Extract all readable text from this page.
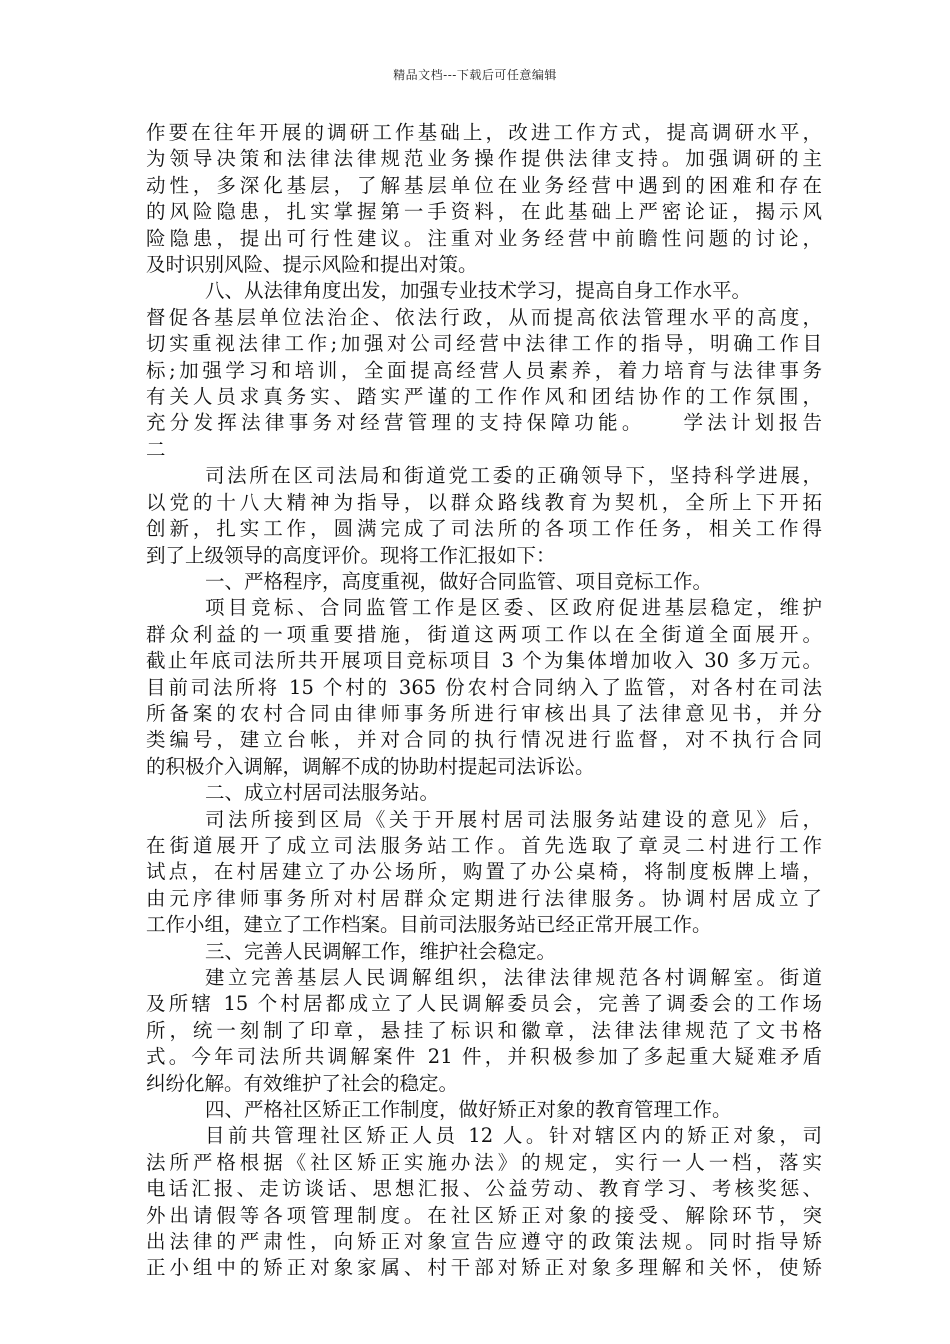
精品文档---下载后可任意编辑

作要在往年开展的调研工作基础上，改进工作方式，提高调研水平，

为领导决策和法律法律规范业务操作提供法律支持。加强调研的主

动性，多深化基层，了解基层单位在业务经营中遇到的困难和存在

的风险隐患，扎实掌握第一手资料，在此基础上严密论证，揭示风

险隐患，提出可行性建议。注重对业务经营中前瞻性问题的讨论，

及时识别风险、提示风险和提出对策。

八、从法律角度出发，加强专业技术学习，提高自身工作水平。

督促各基层单位法治企、依法行政，从而提高依法管理水平的高度，

切实重视法律工作;加强对公司经营中法律工作的指导，明确工作目

标;加强学习和培训，全面提高经营人员素养，着力培育与法律事务

有关人员求真务实、踏实严谨的工作作风和团结协作的工作氛围，

充分发挥法律事务对经营管理的支持保障功能。　　学法计划报告

二

司法所在区司法局和街道党工委的正确领导下，坚持科学进展，

以党的十八大精神为指导，以群众路线教育为契机，全所上下开拓

创新，扎实工作，圆满完成了司法所的各项工作任务，相关工作得

到了上级领导的高度评价。现将工作汇报如下：

一、严格程序，高度重视，做好合同监管、项目竞标工作。

项目竞标、合同监管工作是区委、区政府促进基层稳定，维护

群众利益的一项重要措施，街道这两项工作以在全街道全面展开。

截止年底司法所共开展项目竞标项目 3 个为集体增加收入 30 多万元。

目前司法所将 15 个村的 365 份农村合同纳入了监管，对各村在司法

所备案的农村合同由律师事务所进行审核出具了法律意见书，并分

类编号，建立台帐，并对合同的执行情况进行监督，对不执行合同

的积极介入调解，调解不成的协助村提起司法诉讼。

二、成立村居司法服务站。

司法所接到区局《关于开展村居司法服务站建设的意见》后，

在街道展开了成立司法服务站工作。首先选取了章灵二村进行工作

试点，在村居建立了办公场所，购置了办公桌椅，将制度板牌上墙，

由元序律师事务所对村居群众定期进行法律服务。协调村居成立了

工作小组，建立了工作档案。目前司法服务站已经正常开展工作。

三、完善人民调解工作，维护社会稳定。

建立完善基层人民调解组织，法律法律规范各村调解室。街道

及所辖 15 个村居都成立了人民调解委员会，完善了调委会的工作场

所，统一刻制了印章，悬挂了标识和徽章，法律法律规范了文书格

式。今年司法所共调解案件 21 件，并积极参加了多起重大疑难矛盾

纠纷化解。有效维护了社会的稳定。

四、严格社区矫正工作制度，做好矫正对象的教育管理工作。

目前共管理社区矫正人员 12 人。针对辖区内的矫正对象，司

法所严格根据《社区矫正实施办法》的规定，实行一人一档，落实

电话汇报、走访谈话、思想汇报、公益劳动、教育学习、考核奖惩、

外出请假等各项管理制度。在社区矫正对象的接受、解除环节，突

出法律的严肃性，向矫正对象宣告应遵守的政策法规。同时指导矫

正小组中的矫正对象家属、村干部对矫正对象多理解和关怀，使矫
